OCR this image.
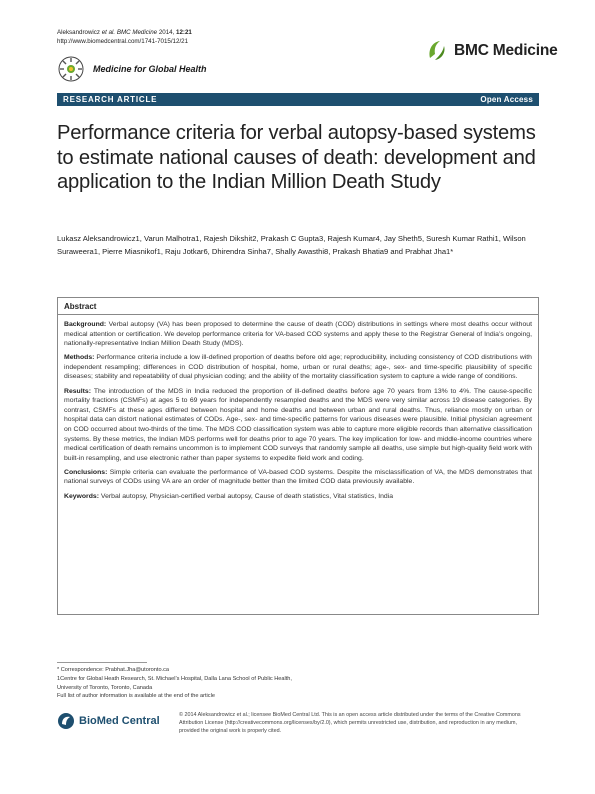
Aleksandrowicz et al. BMC Medicine 2014, 12:21
http://www.biomedcentral.com/1741-7015/12/21
Medicine for Global Health
BMC Medicine
RESEARCH ARTICLE	Open Access
Performance criteria for verbal autopsy-based systems to estimate national causes of death: development and application to the Indian Million Death Study
Lukasz Aleksandrowicz1, Varun Malhotra1, Rajesh Dikshit2, Prakash C Gupta3, Rajesh Kumar4, Jay Sheth5, Suresh Kumar Rathi1, Wilson Suraweera1, Pierre Miasnikof1, Raju Jotkar6, Dhirendra Sinha7, Shally Awasthi8, Prakash Bhatia9 and Prabhat Jha1*
Abstract

Background: Verbal autopsy (VA) has been proposed to determine the cause of death (COD) distributions in settings where most deaths occur without medical attention or certification. We develop performance criteria for VA-based COD systems and apply these to the Registrar General of India’s ongoing, nationally-representative Indian Million Death Study (MDS).

Methods: Performance criteria include a low ill-defined proportion of deaths before old age; reproducibility, including consistency of COD distributions with independent resampling; differences in COD distribution of hospital, home, urban or rural deaths; age-, sex- and time-specific plausibility of specific diseases; stability and repeatability of dual physician coding; and the ability of the mortality classification system to capture a wide range of conditions.

Results: The introduction of the MDS in India reduced the proportion of ill-defined deaths before age 70 years from 13% to 4%. The cause-specific mortality fractions (CSMFs) at ages 5 to 69 years for independently resampled deaths and the MDS were very similar across 19 disease categories. By contrast, CSMFs at these ages differed between hospital and home deaths and between urban and rural deaths. Thus, reliance mostly on urban or hospital data can distort national estimates of CODs. Age-, sex- and time-specific patterns for various diseases were plausible. Initial physician agreement on COD occurred about two-thirds of the time. The MDS COD classification system was able to capture more eligible records than alternative classification systems. By these metrics, the Indian MDS performs well for deaths prior to age 70 years. The key implication for low- and middle-income countries where medical certification of death remains uncommon is to implement COD surveys that randomly sample all deaths, use simple but high-quality field work with built-in resampling, and use electronic rather than paper systems to expedite field work and coding.

Conclusions: Simple criteria can evaluate the performance of VA-based COD systems. Despite the misclassification of VA, the MDS demonstrates that national surveys of CODs using VA are an order of magnitude better than the limited COD data previously available.

Keywords: Verbal autopsy, Physician-certified verbal autopsy, Cause of death statistics, Vital statistics, India

* Correspondence: Prabhat.Jha@utoronto.ca
1Centre for Global Heath Research, St. Michael’s Hospital, Dalla Lana School of Public Health, University of Toronto, Toronto, Canada
Full list of author information is available at the end of the article
BioMed Central	© 2014 Aleksandrowicz et al.; licensee BioMed Central Ltd. This is an open access article distributed under the terms of the Creative Commons Attribution License (http://creativecommons.org/licenses/by/2.0), which permits unrestricted use, distribution, and reproduction in any medium, provided the original work is properly cited.
